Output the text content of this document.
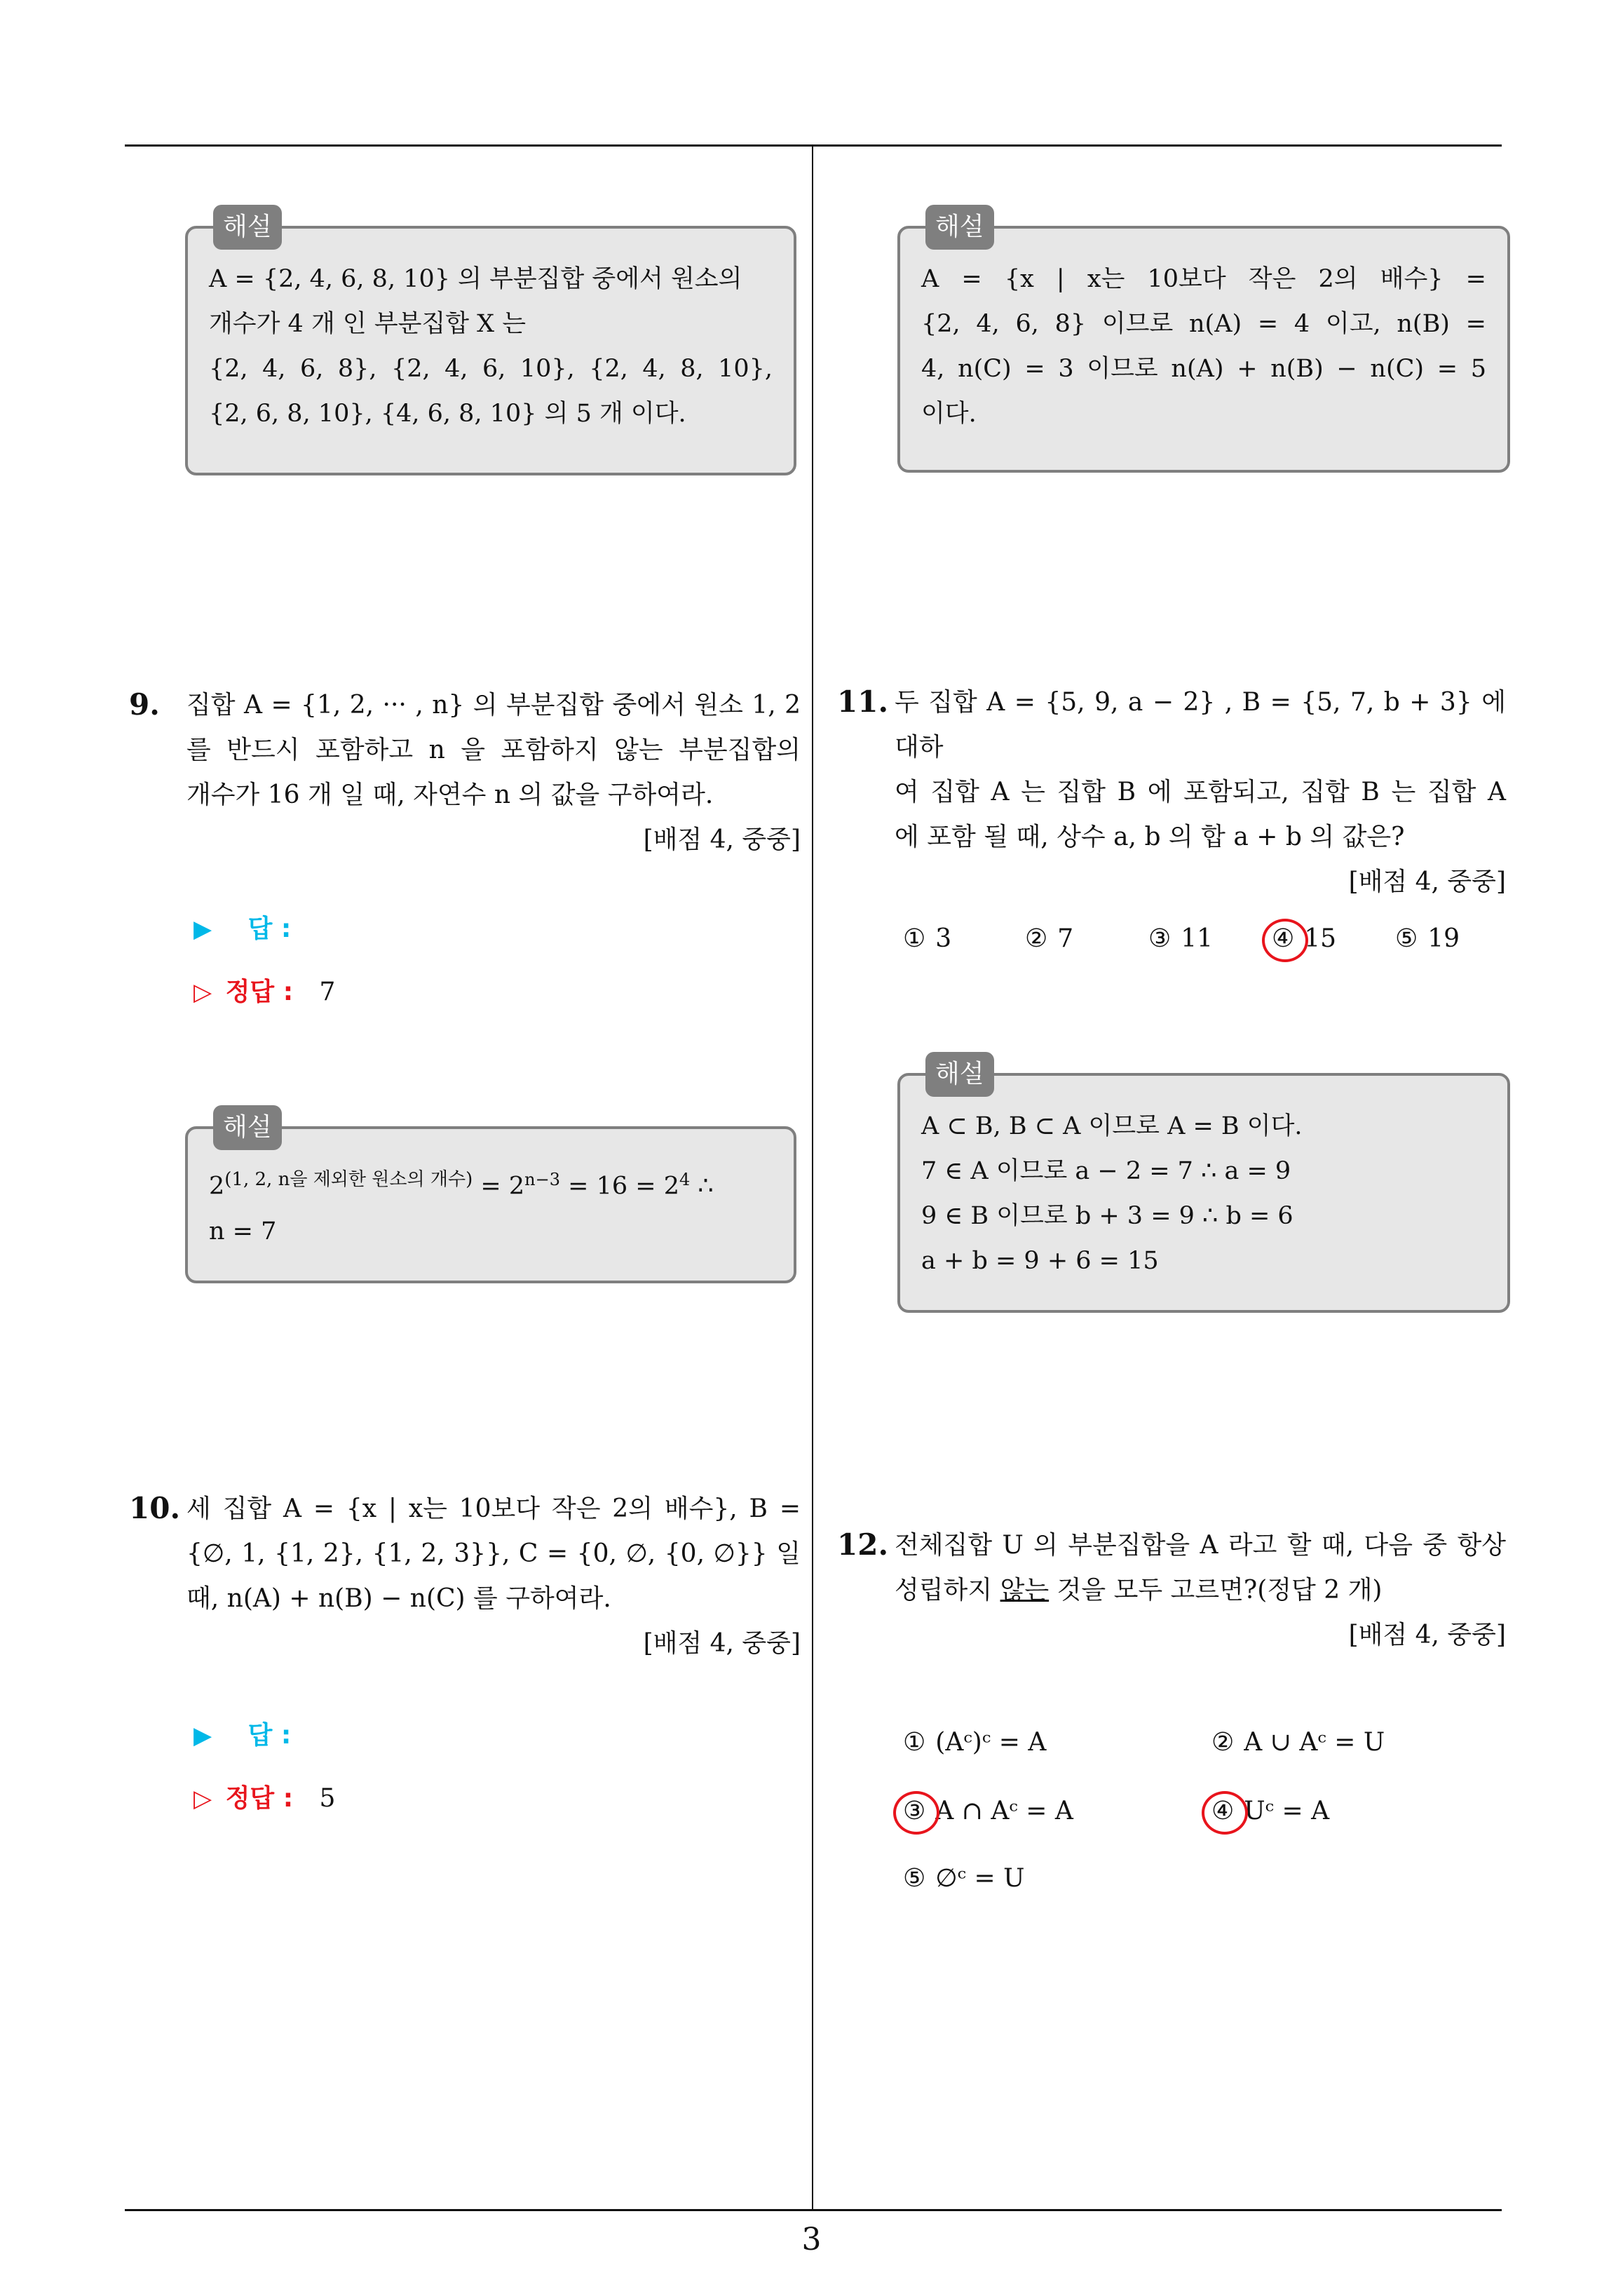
해설

A = {2, 4, 6, 8, 10} 의 부분집합 중에서 원소의

개수가 4 개 인 부분집합 X 는

{2, 4, 6, 8}, {2, 4, 6, 10}, {2, 4, 8, 10},

{2, 6, 8, 10}, {4, 6, 8, 10} 의 5 개 이다.

해설

A = {x | x는 10보다 작은 2의 배수} =

{2, 4, 6, 8} 이므로 n(A) = 4 이고, n(B) =

4, n(C) = 3 이므로 n(A) + n(B) − n(C) = 5

이다.

9. 집합 A = {1, 2, ··· , n} 의 부분집합 중에서 원소 1, 2

를 반드시 포함하고 n 을 포함하지 않는 부분집합의

개수가 16 개 일 때, 자연수 n 의 값을 구하여라.

[배점 4, 중중]

▶ 답 :
▷ 정답 : 7
해설

$2^{(1, 2, n을 제외한 원소의 개수)} = 2^{n-3} = 16 = 2^4$ ∴

n = 7

10. 세 집합 A = {x | x는 10보다 작은 2의 배수}, B =

{∅, 1, {1, 2}, {1, 2, 3}}, C = {0, ∅, {0, ∅}} 일

때, n(A) + n(B) − n(C) 를 구하여라.

[배점 4, 중중]

▶ 답 :
▷ 정답 : 5
11. 두 집합 A = {5, 9, a − 2} , B = {5, 7, b + 3} 에 대하

여 집합 A 는 집합 B 에 포함되고, 집합 B 는 집합 A

에 포함 될 때, 상수 a, b 의 합 a + b 의 값은?

[배점 4, 중중]

① 3	② 7	③ 11 ④ 15 ⑤ 19
해설

A ⊂ B, B ⊂ A 이므로 A = B 이다.

7 ∈ A 이므로 a − 2 = 7 ∴ a = 9

9 ∈ B 이므로 b + 3 = 9 ∴ b = 6

a + b = 9 + 6 = 15

12. 전체집합 U 의 부분집합을 A 라고 할 때, 다음 중 항상

성립하지 않는 것을 모두 고르면?(정답 2 개)

[배점 4, 중중]

① (Aᶜ)ᶜ = A	② A ∪ Aᶜ = U
③ A ∩ Aᶜ = A	④ Uᶜ = A
⑤ ∅ᶜ = U
3
